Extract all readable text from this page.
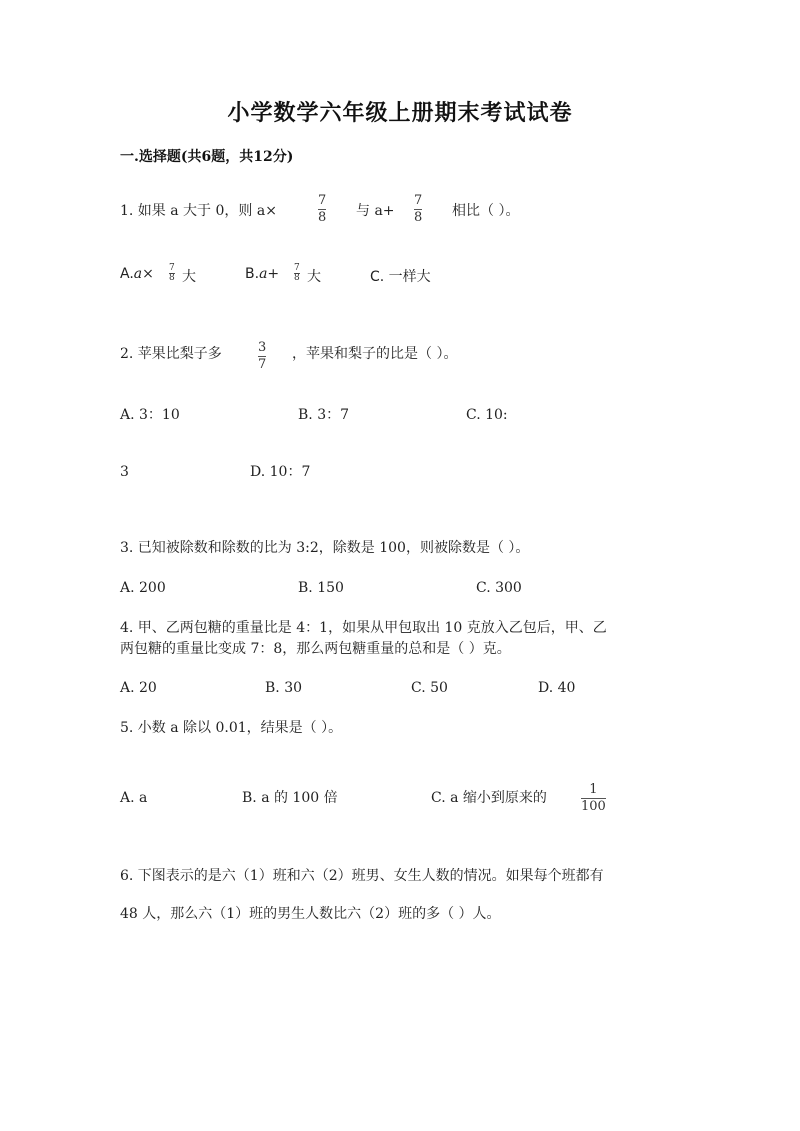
小学数学六年级上册期末考试试卷
一.选择题(共6题，共12分)
1. 如果 a 大于 0，则 a×
7
8 与 a+
7
8 相比（ ）。
A.a× 7
8 大	B.a+ 7
8 大	C. 一样大
2. 苹果比梨子多	3
7
，苹果和梨子的比是（ ）。
A. 3：10	B. 3：7	C. 10:
3	D. 10：7
3. 已知被除数和除数的比为 3:2，除数是 100，则被除数是（ ）。
A. 200	B. 150	C. 300
4. 甲、乙两包糖的重量比是 4：1，如果从甲包取出 10 克放入乙包后，甲、乙
两包糖的重量比变成 7：8，那么两包糖重量的总和是（ ）克。
A. 20	B. 30	C. 50	D. 40
5. 小数 a 除以 0.01，结果是（ ）。
A. a	B. a 的 100 倍	C. a 缩小到原来的
1
100
6. 下图表示的是六（1）班和六（2）班男、女生人数的情况。如果每个班都有
48 人，那么六（1）班的男生人数比六（2）班的多（ ）人。
